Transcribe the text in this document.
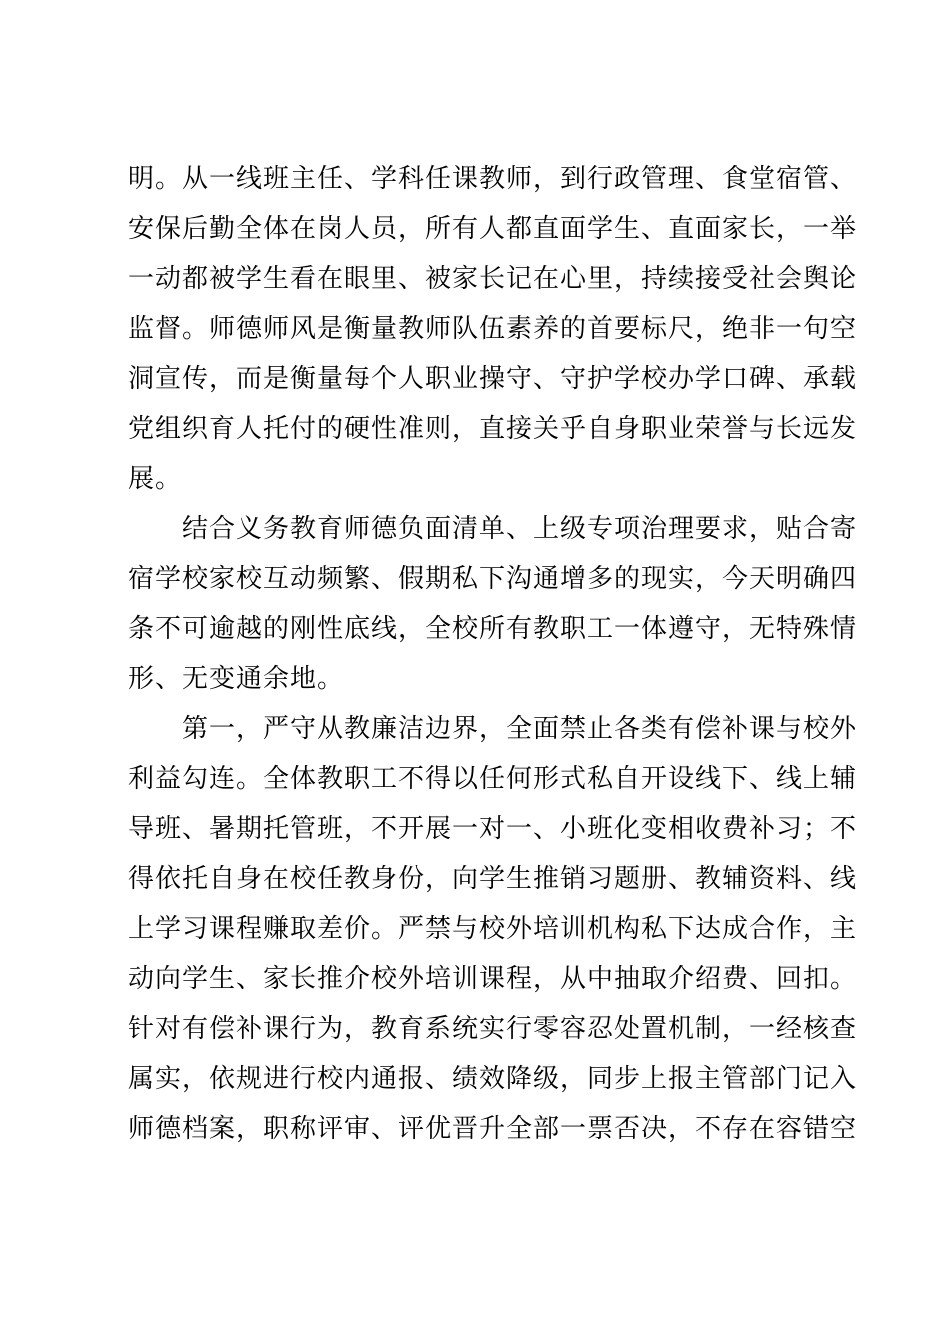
明。从一线班主任、学科任课教师，到行政管理、食堂宿管、
安保后勤全体在岗人员，所有人都直面学生、直面家长，一举
一动都被学生看在眼里、被家长记在心里，持续接受社会舆论
监督。师德师风是衡量教师队伍素养的首要标尺，绝非一句空
洞宣传，而是衡量每个人职业操守、守护学校办学口碑、承载
党组织育人托付的硬性准则，直接关乎自身职业荣誉与长远发
展。
　　结合义务教育师德负面清单、上级专项治理要求，贴合寄
宿学校家校互动频繁、假期私下沟通增多的现实，今天明确四
条不可逾越的刚性底线，全校所有教职工一体遵守，无特殊情
形、无变通余地。
　　第一，严守从教廉洁边界，全面禁止各类有偿补课与校外
利益勾连。全体教职工不得以任何形式私自开设线下、线上辅
导班、暑期托管班，不开展一对一、小班化变相收费补习；不
得依托自身在校任教身份，向学生推销习题册、教辅资料、线
上学习课程赚取差价。严禁与校外培训机构私下达成合作，主
动向学生、家长推介校外培训课程，从中抽取介绍费、回扣。
针对有偿补课行为，教育系统实行零容忍处置机制，一经核查
属实，依规进行校内通报、绩效降级，同步上报主管部门记入
师德档案，职称评审、评优晋升全部一票否决，不存在容错空
